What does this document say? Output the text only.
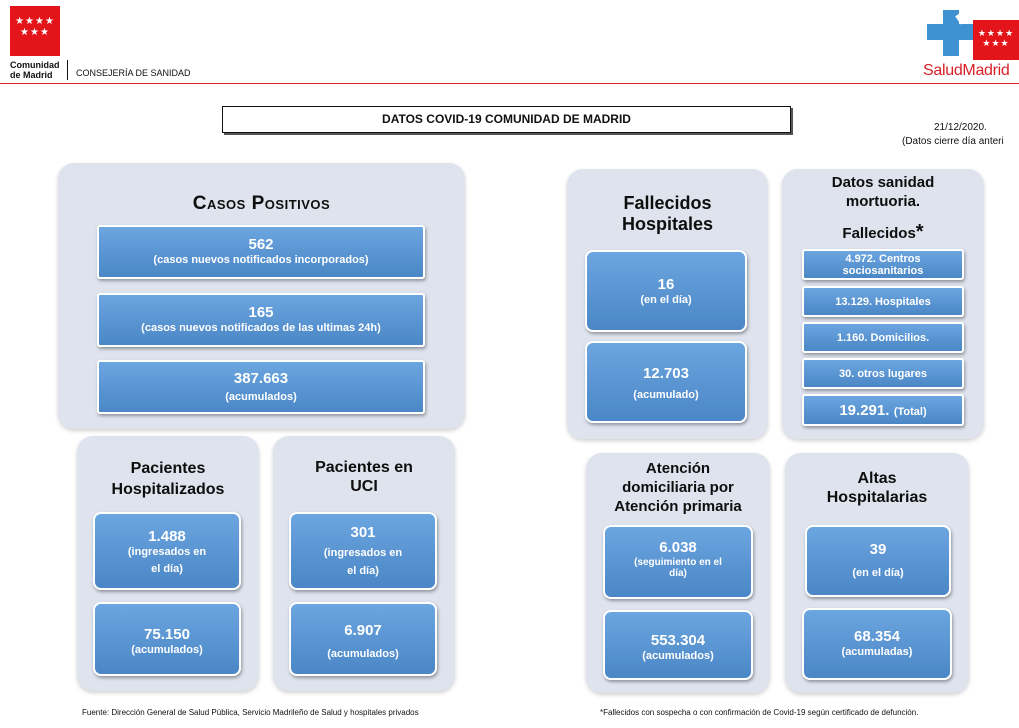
★★★★ ★★★
Comunidad
de Madrid	CONSEJERÍA DE SANIDAD
★★★★ ★★★
SaludMadrid
DATOS COVID-19 COMUNIDAD DE MADRID
21/12/2020.
(Datos cierre día anteri
Casos Positivos
562
(casos nuevos notificados incorporados)
165
(casos nuevos notificados de las ultimas 24h)
387.663
(acumulados)
Pacientes
Hospitalizados
1.488
(ingresados en
el día)
75.150
(acumulados)
Pacientes en
UCI
301
(ingresados en
el día)
6.907
(acumulados)
Fallecidos
Hospitales
16
(en el día)
12.703
(acumulado)
Datos sanidad
mortuoria.
Fallecidos*
4.972. Centros
sociosanitarios
13.129. Hospitales
1.160. Domicilios.
30. otros lugares
19.291. (Total)
Atención
domiciliaria por
Atención primaria
6.038
(seguimiento en el
día)
553.304
(acumulados)
Altas
Hospitalarias
39
(en el día)
68.354
(acumuladas)
Fuente: Dirección General de Salud Pública, Servicio Madrileño de Salud y hospitales privados	*Fallecidos con sospecha o con confirmación de Covid-19 según certificado de defunción.
